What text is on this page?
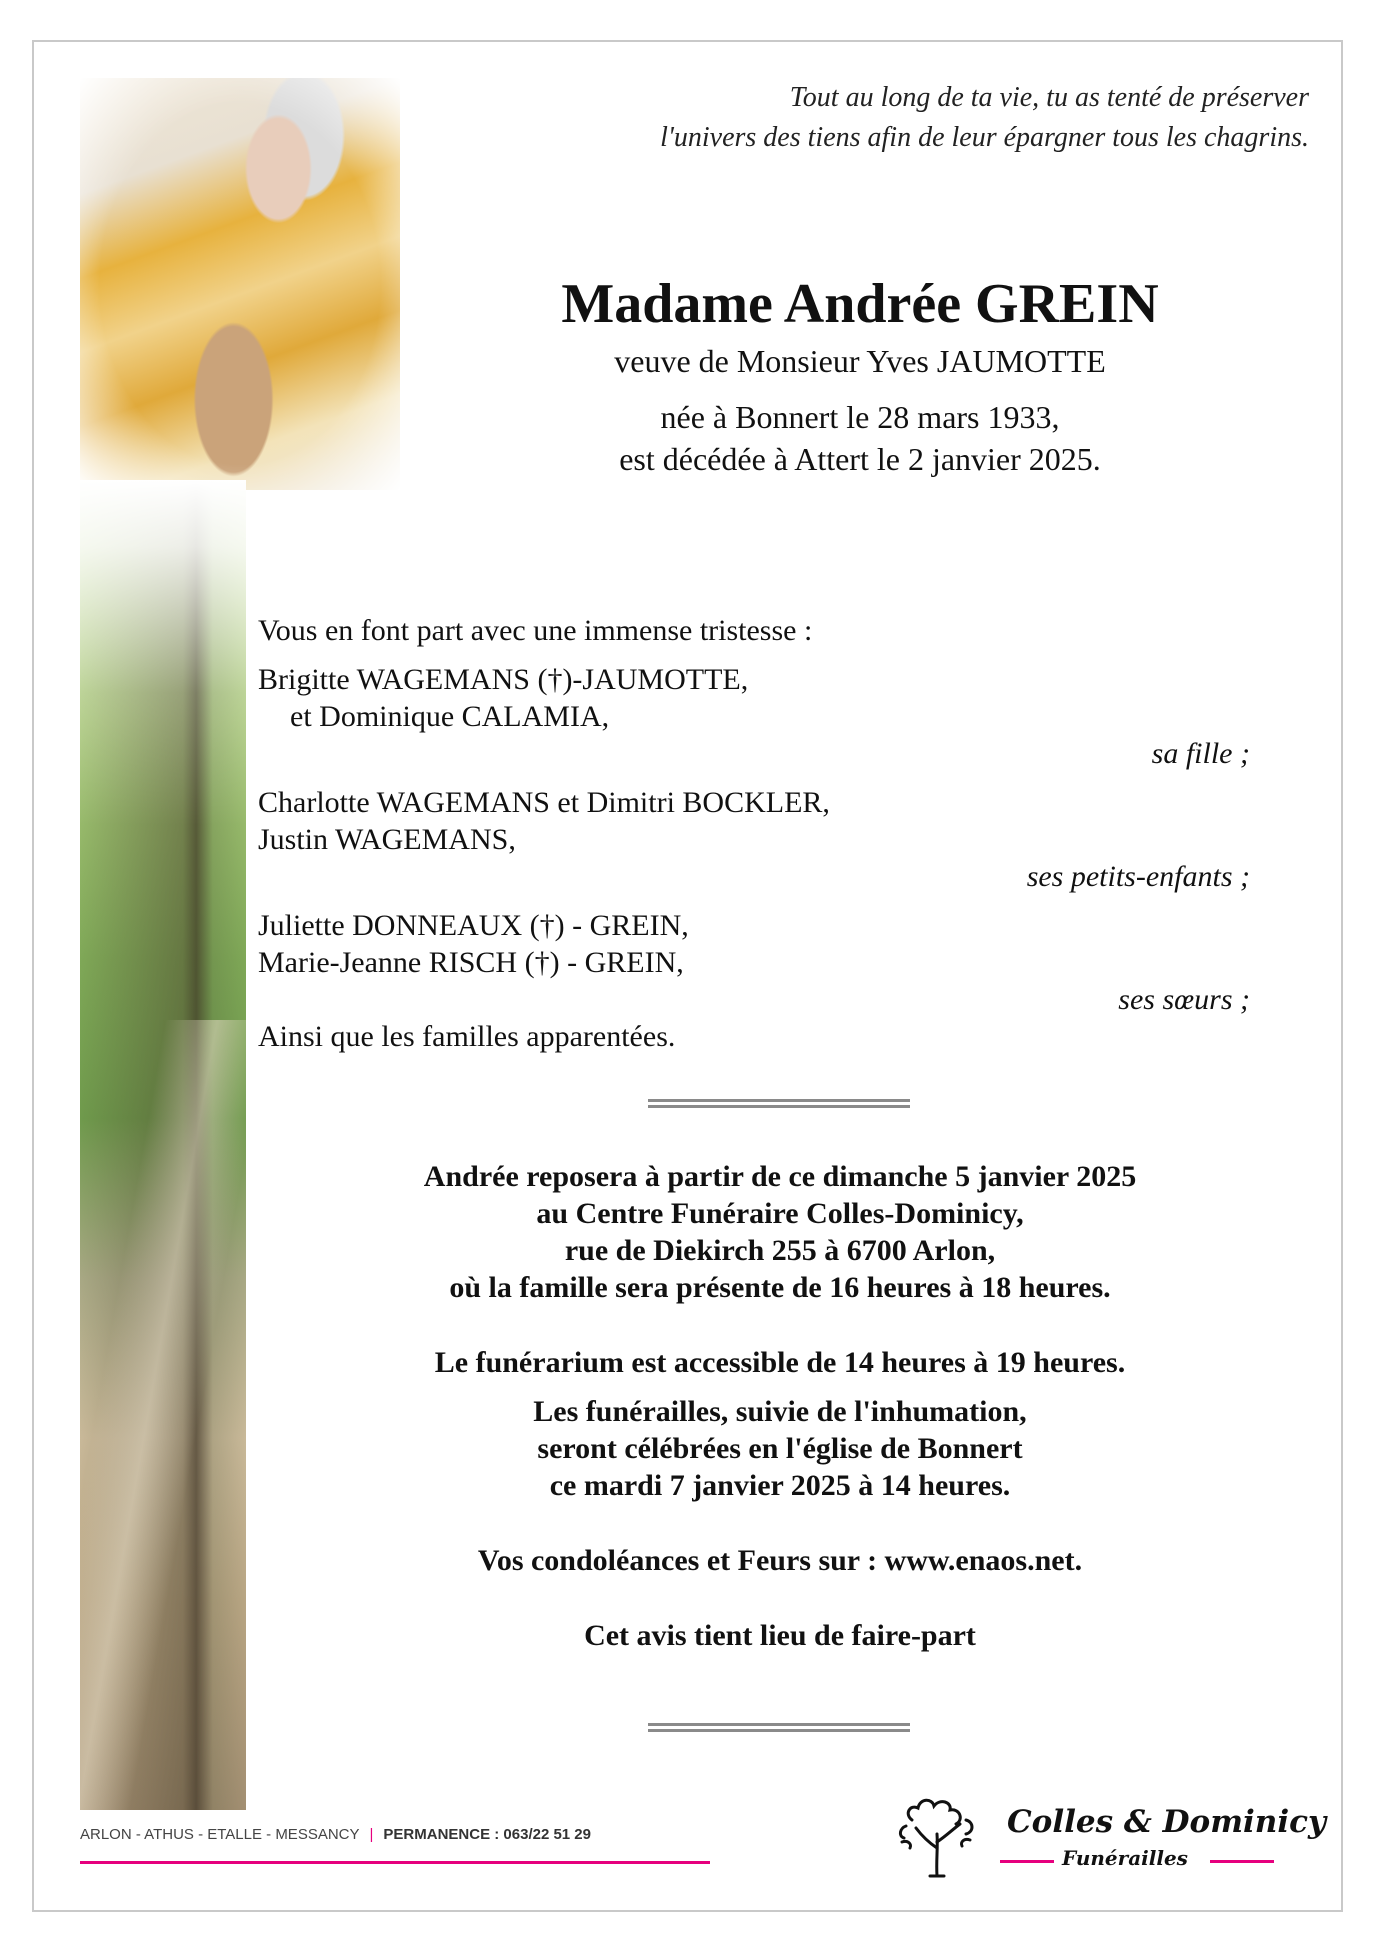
Tout au long de ta vie, tu as tenté de préserver
l'univers des tiens afin de leur épargner tous les chagrins.
Madame Andrée GREIN
veuve de Monsieur Yves JAUMOTTE
née à Bonnert le 28 mars 1933,
est décédée à Attert le 2 janvier 2025.
Vous en font part avec une immense tristesse :
Brigitte WAGEMANS (†)-JAUMOTTE,
et Dominique CALAMIA,
sa fille ;
Charlotte WAGEMANS et Dimitri BOCKLER,
Justin WAGEMANS,
ses petits-enfants ;
Juliette DONNEAUX (†) - GREIN,
Marie-Jeanne RISCH (†) - GREIN,
ses sœurs ;
Ainsi que les familles apparentées.
Andrée reposera à partir de ce dimanche 5 janvier 2025
au Centre Funéraire Colles-Dominicy,
rue de Diekirch 255 à 6700 Arlon,
où la famille sera présente de 16 heures à 18 heures.
Le funérarium est accessible de 14 heures à 19 heures.
Les funérailles, suivie de l'inhumation,
seront célébrées en l'église de Bonnert
ce mardi 7 janvier 2025 à 14 heures.
Vos condoléances et Feurs sur : www.enaos.net.
Cet avis tient lieu de faire-part
ARLON - ATHUS - ETALLE - MESSANCY | PERMANENCE : 063/22 51 29	Colles & Dominicy
Funérailles
